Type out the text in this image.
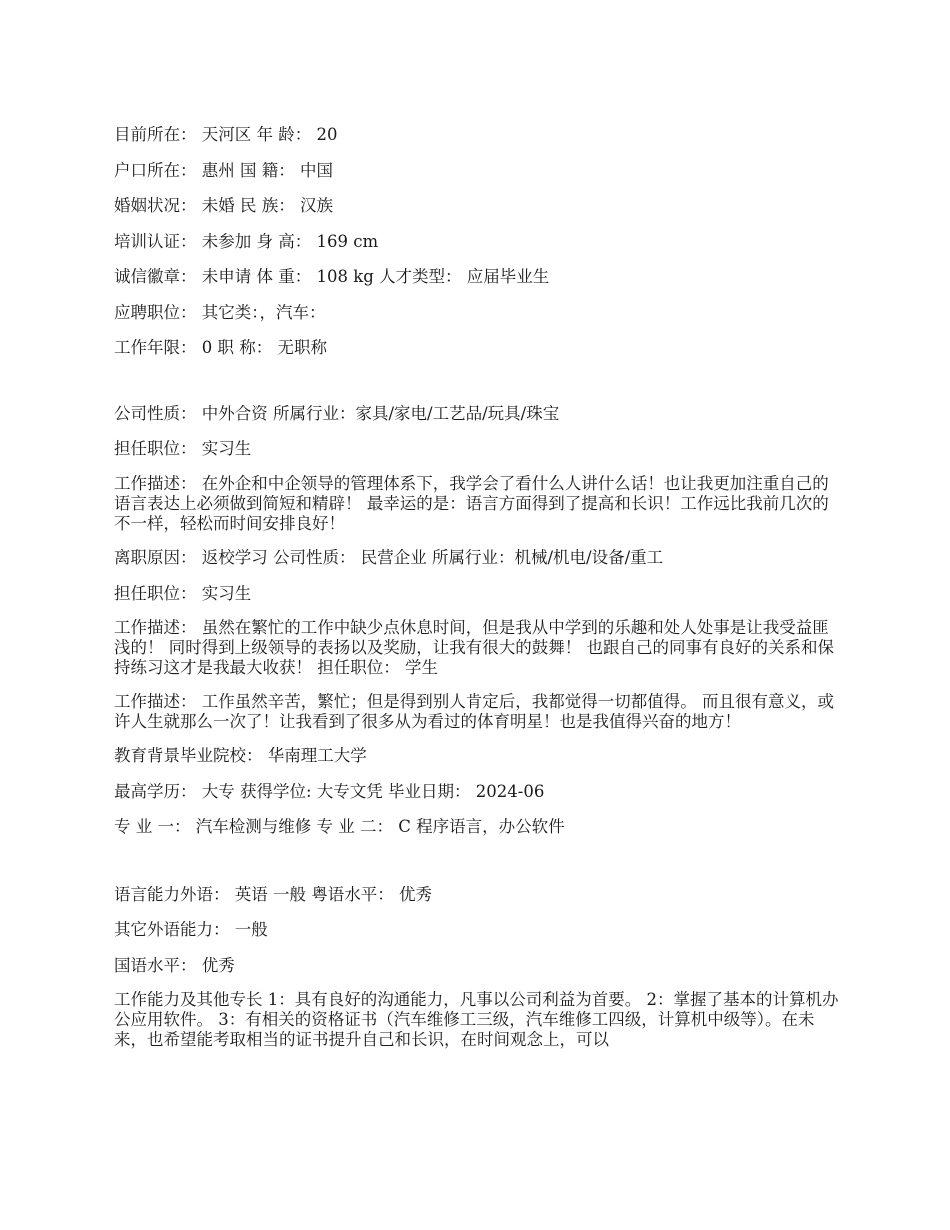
目前所在： 天河区 年 龄： 20
户口所在： 惠州 国 籍： 中国
婚姻状况： 未婚 民 族： 汉族
培训认证： 未参加 身 高： 169 cm
诚信徽章： 未申请 体 重： 108 kg 人才类型： 应届毕业生
应聘职位： 其它类：，汽车：
工作年限： 0 职 称： 无职称
公司性质： 中外合资 所属行业：家具/家电/工艺品/玩具/珠宝
担任职位： 实习生
工作描述： 在外企和中企领导的管理体系下，我学会了看什么人讲什么话！也让我更加注重自己的语言表达上必须做到简短和精辟！ 最幸运的是：语言方面得到了提高和长识！工作远比我前几次的不一样，轻松而时间安排良好！
离职原因： 返校学习 公司性质： 民营企业 所属行业：机械/机电/设备/重工
担任职位： 实习生
工作描述： 虽然在繁忙的工作中缺少点休息时间，但是我从中学到的乐趣和处人处事是让我受益匪浅的！ 同时得到上级领导的表扬以及奖励，让我有很大的鼓舞！ 也跟自己的同事有良好的关系和保持练习这才是我最大收获！ 担任职位： 学生
工作描述： 工作虽然辛苦，繁忙；但是得到别人肯定后，我都觉得一切都值得。 而且很有意义，或许人生就那么一次了！让我看到了很多从为看过的体育明星！也是我值得兴奋的地方！
教育背景毕业院校： 华南理工大学
最高学历： 大专 获得学位: 大专文凭 毕业日期： 2024-06
专 业 一： 汽车检测与维修 专 业 二： C 程序语言，办公软件
语言能力外语： 英语 一般 粤语水平： 优秀
其它外语能力： 一般
国语水平： 优秀
工作能力及其他专长 1：具有良好的沟通能力，凡事以公司利益为首要。 2：掌握了基本的计算机办公应用软件。 3：有相关的资格证书（汽车维修工三级，汽车维修工四级，计算机中级等）。在未来，也希望能考取相当的证书提升自己和长识，在时间观念上，可以
